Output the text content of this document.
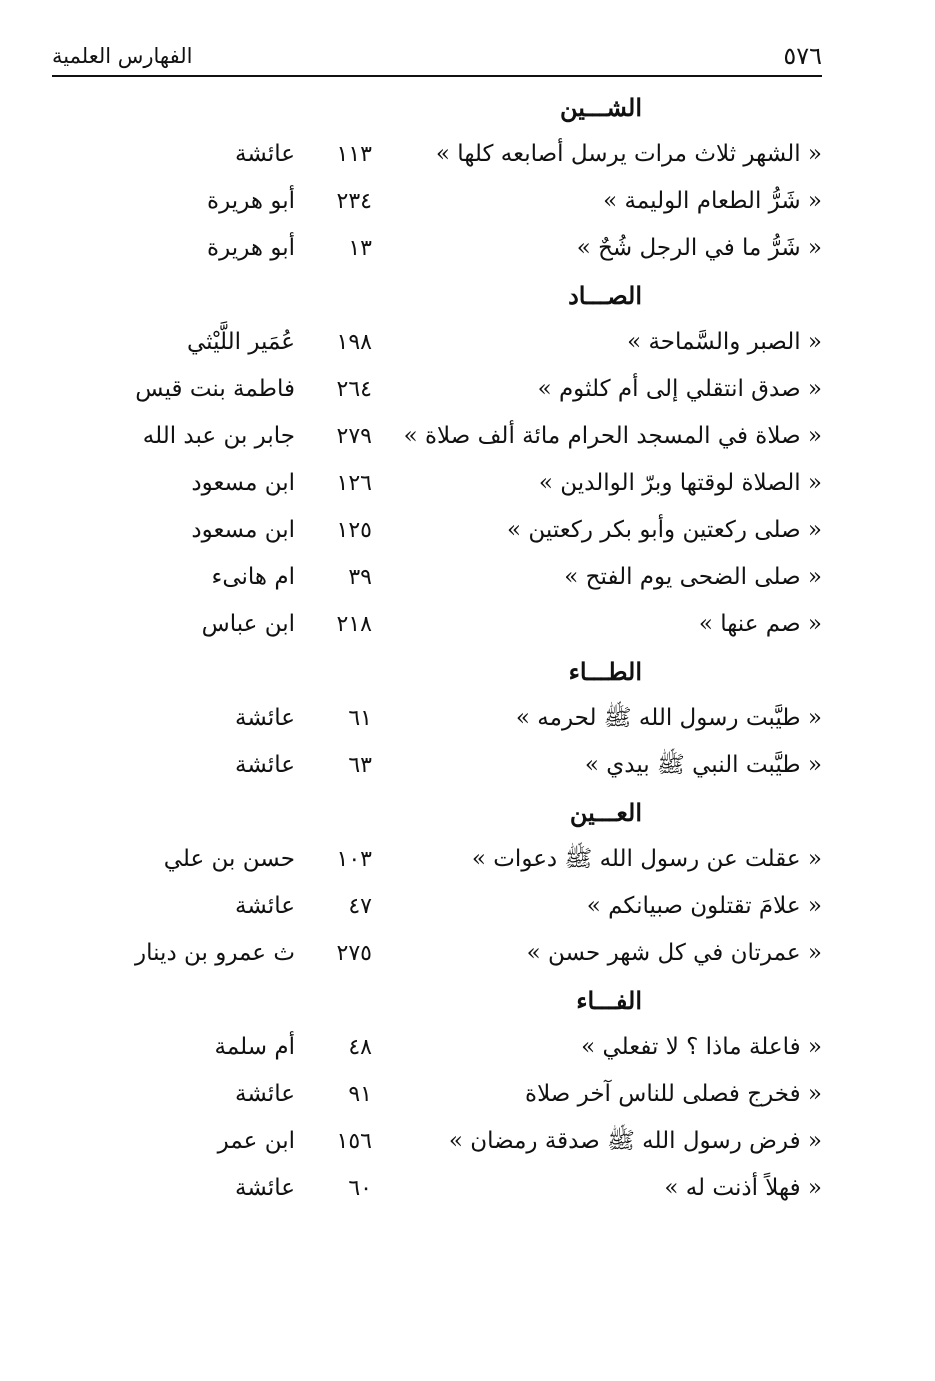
٥٧٦
الفهارس العلمية
الشـــين
« الشهر ثلاث مرات يرسل أصابعه كلها »
١١٣
عائشة
« شَرُّ الطعام الوليمة »
٢٣٤
أبو هريرة
« شَرُّ ما في الرجل شُحٌ »
١٣
أبو هريرة
الصـــاد
« الصبر والسَّماحة »
١٩٨
عُمَير اللَّيْثي
« صدق انتقلي إلى أم كلثوم »
٢٦٤
فاطمة بنت قيس
« صلاة في المسجد الحرام مائة ألف صلاة »
٢٧٩
جابر بن عبد الله
« الصلاة لوقتها وبرّ الوالدين »
١٢٦
ابن مسعود
« صلى ركعتين وأبو بكر ركعتين »
١٢٥
ابن مسعود
« صلى الضحى يوم الفتح »
٣٩
ام هانىء
« صم عنها »
٢١٨
ابن عباس
الطـــاء
« طيَّبت رسول الله ﷺ لحرمه »
٦١
عائشة
« طيَّبت النبي ﷺ بيدي »
٦٣
عائشة
العـــين
« عقلت عن رسول الله ﷺ دعوات »
١٠٣
حسن بن علي
« علامَ تقتلون صبيانكم »
٤٧
عائشة
« عمرتان في كل شهر حسن »
٢٧٥
ث عمرو بن دينار
الفـــاء
« فاعلة ماذا ؟ لا تفعلي »
٤٨
أم سلمة
« فخرج فصلى للناس آخر صلاة
٩١
عائشة
« فرض رسول الله ﷺ صدقة رمضان »
١٥٦
ابن عمر
« فهلاً أذنت له »
٦٠
عائشة
